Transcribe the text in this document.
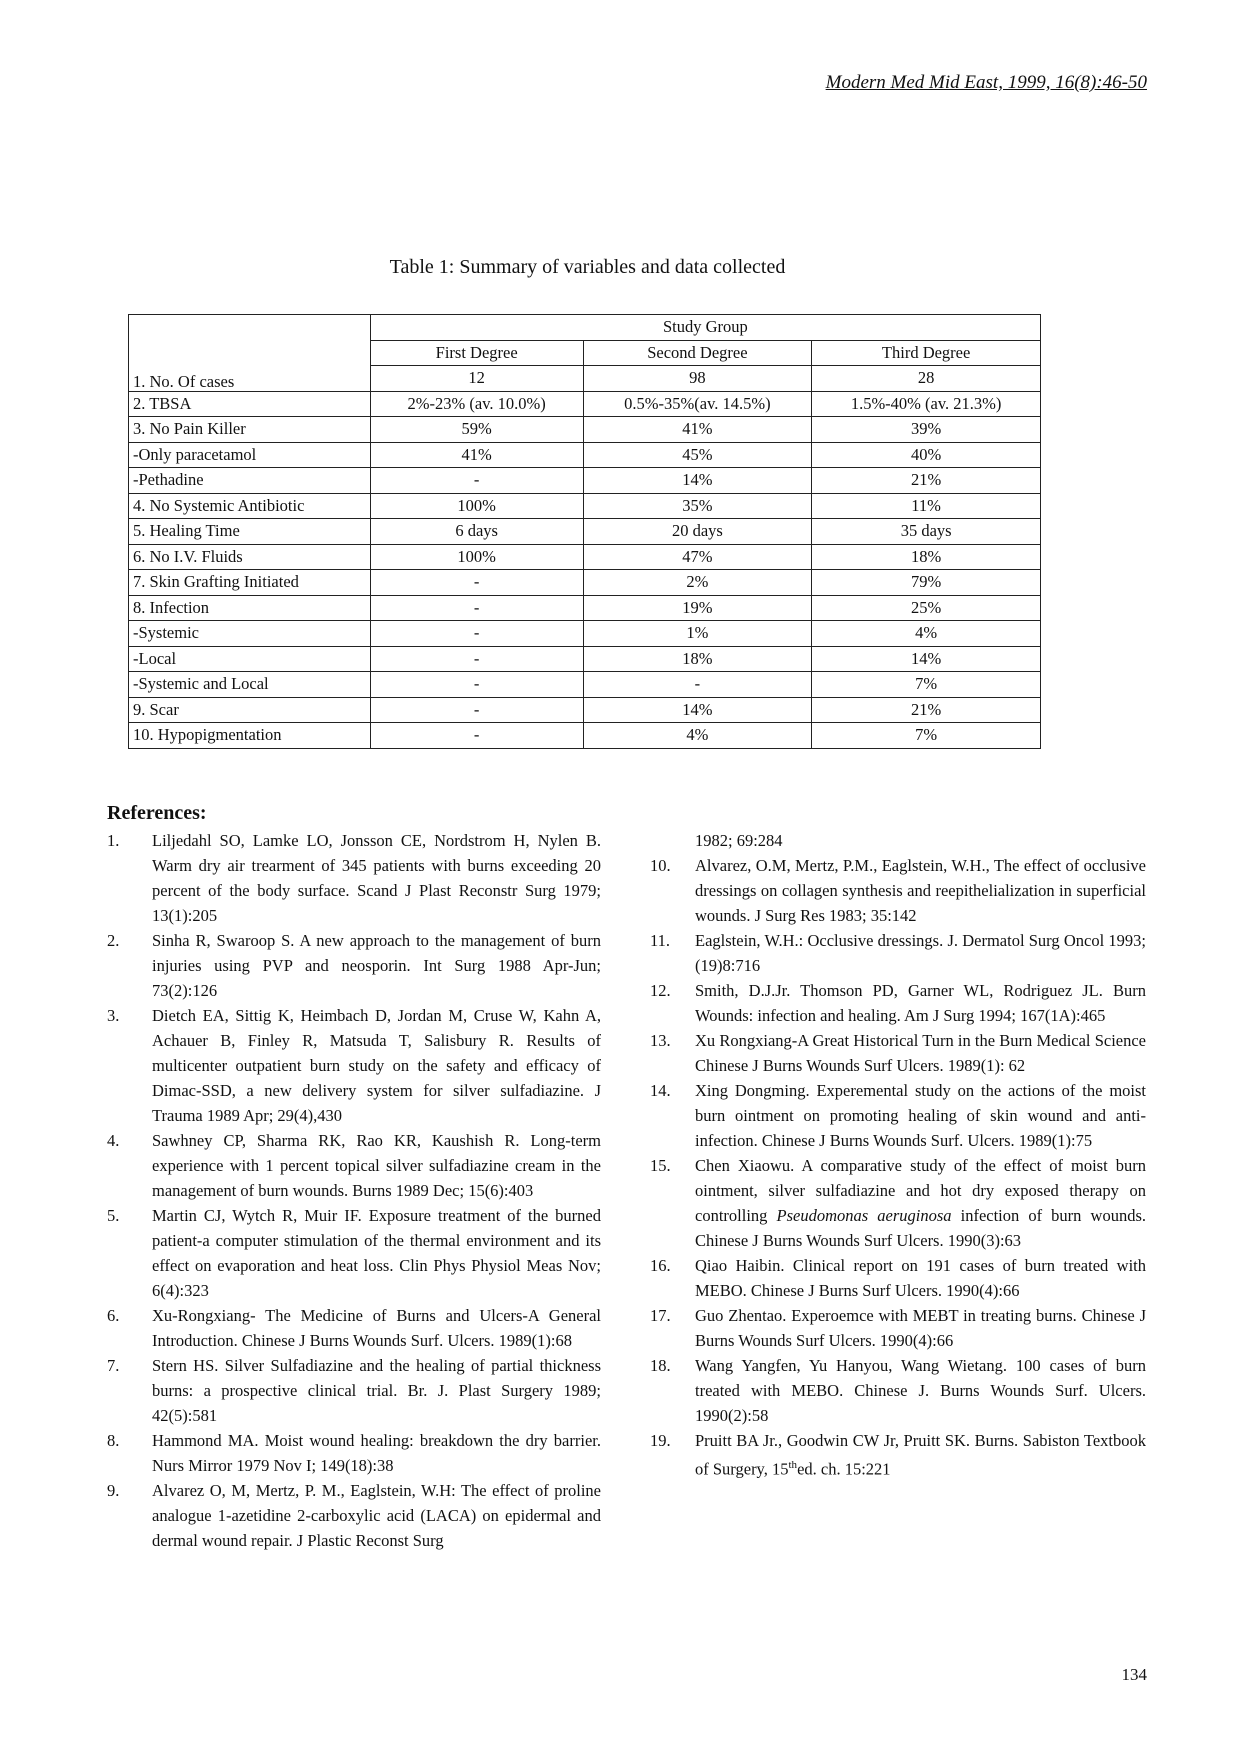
Modern Med Mid East, 1999, 16(8):46-50
Table 1: Summary of variables and data collected
1. No. Of cases	Study Group		
	First Degree	Second Degree	Third Degree
	12	98	28
2. TBSA	2%-23% (av. 10.0%)	0.5%-35%(av. 14.5%)	1.5%-40% (av. 21.3%)
3. No Pain Killer	59%	41%	39%
-Only paracetamol	41%	45%	40%
-Pethadine	-	14%	21%
4. No Systemic Antibiotic	100%	35%	11%
5. Healing Time	6 days	20 days	35 days
6. No I.V. Fluids	100%	47%	18%
7. Skin Grafting Initiated	-	2%	79%
8. Infection	-	19%	25%
-Systemic	-	1%	4%
-Local	-	18%	14%
-Systemic and Local	-	-	7%
9. Scar	-	14%	21%
10. Hypopigmentation	-	4%	7%
References:
1.	Liljedahl SO, Lamke LO, Jonsson CE, Nordstrom H, Nylen B. Warm dry air trearment of 345 patients with burns exceeding 20 percent of the body surface. Scand J Plast Reconstr Surg 1979; 13(1):205
2.	Sinha R, Swaroop S. A new approach to the management of burn injuries using PVP and neosporin. Int Surg 1988 Apr-Jun; 73(2):126
3.	Dietch EA, Sittig K, Heimbach D, Jordan M, Cruse W, Kahn A, Achauer B, Finley R, Matsuda T, Salisbury R. Results of multicenter outpatient burn study on the safety and efficacy of Dimac-SSD, a new delivery system for silver sulfadiazine. J Trauma 1989 Apr; 29(4),430
4.	Sawhney CP, Sharma RK, Rao KR, Kaushish R. Long-term experience with 1 percent topical silver sulfadiazine cream in the management of burn wounds. Burns 1989 Dec; 15(6):403
5.	Martin CJ, Wytch R, Muir IF. Exposure treatment of the burned patient-a computer stimulation of the thermal environment and its effect on evaporation and heat loss. Clin Phys Physiol Meas Nov; 6(4):323
6.	Xu-Rongxiang- The Medicine of Burns and Ulcers-A General Introduction. Chinese J Burns Wounds Surf. Ulcers. 1989(1):68
7.	Stern HS. Silver Sulfadiazine and the healing of partial thickness burns: a prospective clinical trial. Br. J. Plast Surgery 1989; 42(5):581
8.	Hammond MA. Moist wound healing: breakdown the dry barrier. Nurs Mirror 1979 Nov I; 149(18):38
9.	Alvarez O, M, Mertz, P. M., Eaglstein, W.H: The effect of proline analogue 1-azetidine 2-carboxylic acid (LACA) on epidermal and dermal wound repair. J Plastic Reconst Surg
1982; 69:284
10.	Alvarez, O.M, Mertz, P.M., Eaglstein, W.H., The effect of occlusive dressings on collagen synthesis and reepithelialization in superficial wounds. J Surg Res 1983; 35:142
11.	Eaglstein, W.H.: Occlusive dressings. J. Dermatol Surg Oncol 1993; (19)8:716
12.	Smith, D.J.Jr. Thomson PD, Garner WL, Rodriguez JL. Burn Wounds: infection and healing. Am J Surg 1994; 167(1A):465
13.	Xu Rongxiang-A Great Historical Turn in the Burn Medical Science Chinese J Burns Wounds Surf Ulcers. 1989(1): 62
14.	Xing Dongming. Experemental study on the actions of the moist burn ointment on promoting healing of skin wound and anti-infection. Chinese J Burns Wounds Surf. Ulcers. 1989(1):75
15.	Chen Xiaowu. A comparative study of the effect of moist burn ointment, silver sulfadiazine and hot dry exposed therapy on controlling Pseudomonas aeruginosa infection of burn wounds. Chinese J Burns Wounds Surf Ulcers. 1990(3):63
16.	Qiao Haibin. Clinical report on 191 cases of burn treated with MEBO. Chinese J Burns Surf Ulcers. 1990(4):66
17.	Guo Zhentao. Experoemce with MEBT in treating burns. Chinese J Burns Wounds Surf Ulcers. 1990(4):66
18.	Wang Yangfen, Yu Hanyou, Wang Wietang. 100 cases of burn treated with MEBO. Chinese J. Burns Wounds Surf. Ulcers. 1990(2):58
19.	Pruitt BA Jr., Goodwin CW Jr, Pruitt SK. Burns. Sabiston Textbook of Surgery, 15thed. ch. 15:221
134
